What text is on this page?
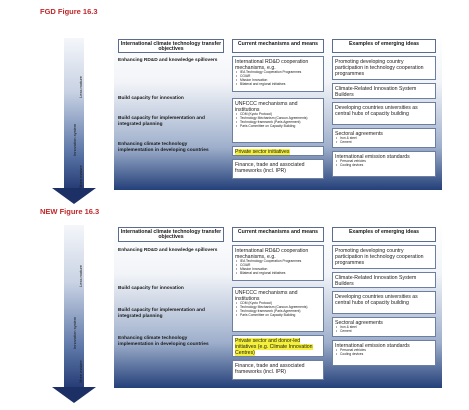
FGD Figure 16.3
Less mature
Innovation system
More mature
International climate technology transfer objectives
Current mechanisms and means	Examples of emerging ideas
Enhancing RD&D and knowledge spillovers
Build capacity for innovation
Build capacity for implementation and integrated planning
Enhancing climate technology implementation in developing countries
International RD&D cooperation mechanisms, e.g.
• IEA Technology Cooperation Programmes
• CGIAR
• Mission Innovation
• Bilateral and regional initiatives
UNFCCC mechanisms and institutions
• CDM (Kyoto Protocol)
• Technology Mechanism (Cancun Agreements)
• Technology framework (Paris Agreement)
• Paris Committee on Capacity Building
Private sector initiatives
Finance, trade and associated frameworks (incl. IPR)
Promoting developing country participation in technology cooperation programmes
Climate-Related Innovation System Builders
Developing countries universities as central hubs of capacity building
Sectoral agreements
• Iron & steel
• Cement
International emission standards
• Personal vehicles
• Cooling devices
NEW Figure 16.3
Less mature
Innovation system
More mature
International climate technology transfer objectives
Current mechanisms and means	Examples of emerging ideas
Enhancing RD&D and knowledge spillovers
Build capacity for innovation
Build capacity for implementation and integrated planning
Enhancing climate technology implementation in developing countries
International RD&D cooperation mechanisms, e.g.
• IEA Technology Cooperation Programmes
• CGIAR
• Mission Innovation
• Bilateral and regional initiatives
UNFCCC mechanisms and institutions
• CDM (Kyoto Protocol)
• Technology Mechanism (Cancun Agreements)
• Technology framework (Paris Agreement)
• Paris Committee on Capacity Building
Private sector and donor-led initiatives (e.g. Climate Innovation Centres)
Finance, trade and associated frameworks (incl. IPR)
Promoting developing country participation in technology cooperation programmes
Climate-Related Innovation System Builders
Developing countries universities as central hubs of capacity building
Sectoral agreements
• Iron & steel
• Cement
International emission standards
• Personal vehicles
• Cooling devices
